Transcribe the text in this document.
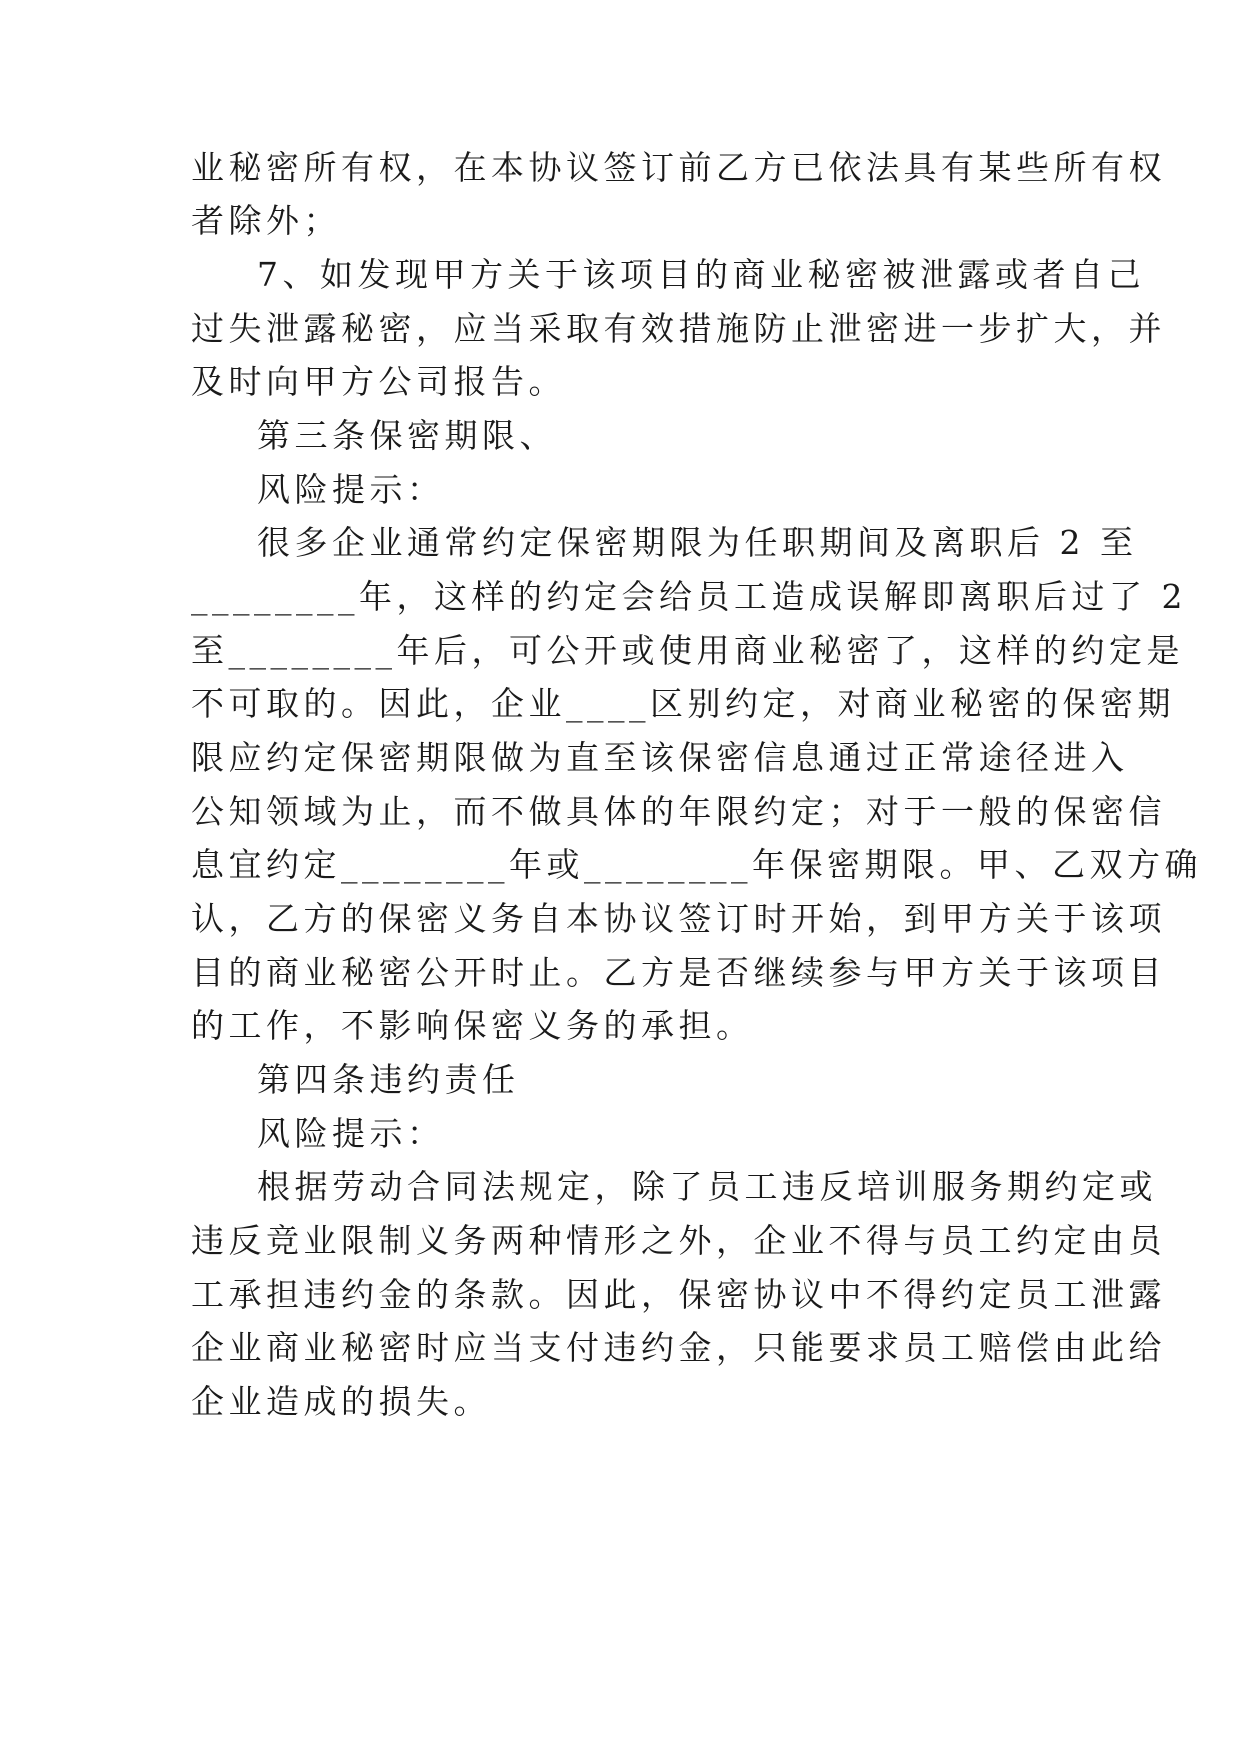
业秘密所有权，在本协议签订前乙方已依法具有某些所有权
者除外；
7、如发现甲方关于该项目的商业秘密被泄露或者自己
过失泄露秘密，应当采取有效措施防止泄密进一步扩大，并
及时向甲方公司报告。
第三条保密期限、
风险提示：
很多企业通常约定保密期限为任职期间及离职后 2 至
________年，这样的约定会给员工造成误解即离职后过了 2
至________年后，可公开或使用商业秘密了，这样的约定是
不可取的。因此，企业____区别约定，对商业秘密的保密期
限应约定保密期限做为直至该保密信息通过正常途径进入
公知领域为止，而不做具体的年限约定；对于一般的保密信
息宜约定________年或________年保密期限。甲、乙双方确
认，乙方的保密义务自本协议签订时开始，到甲方关于该项
目的商业秘密公开时止。乙方是否继续参与甲方关于该项目
的工作，不影响保密义务的承担。
第四条违约责任
风险提示：
根据劳动合同法规定，除了员工违反培训服务期约定或
违反竞业限制义务两种情形之外，企业不得与员工约定由员
工承担违约金的条款。因此，保密协议中不得约定员工泄露
企业商业秘密时应当支付违约金，只能要求员工赔偿由此给
企业造成的损失。
